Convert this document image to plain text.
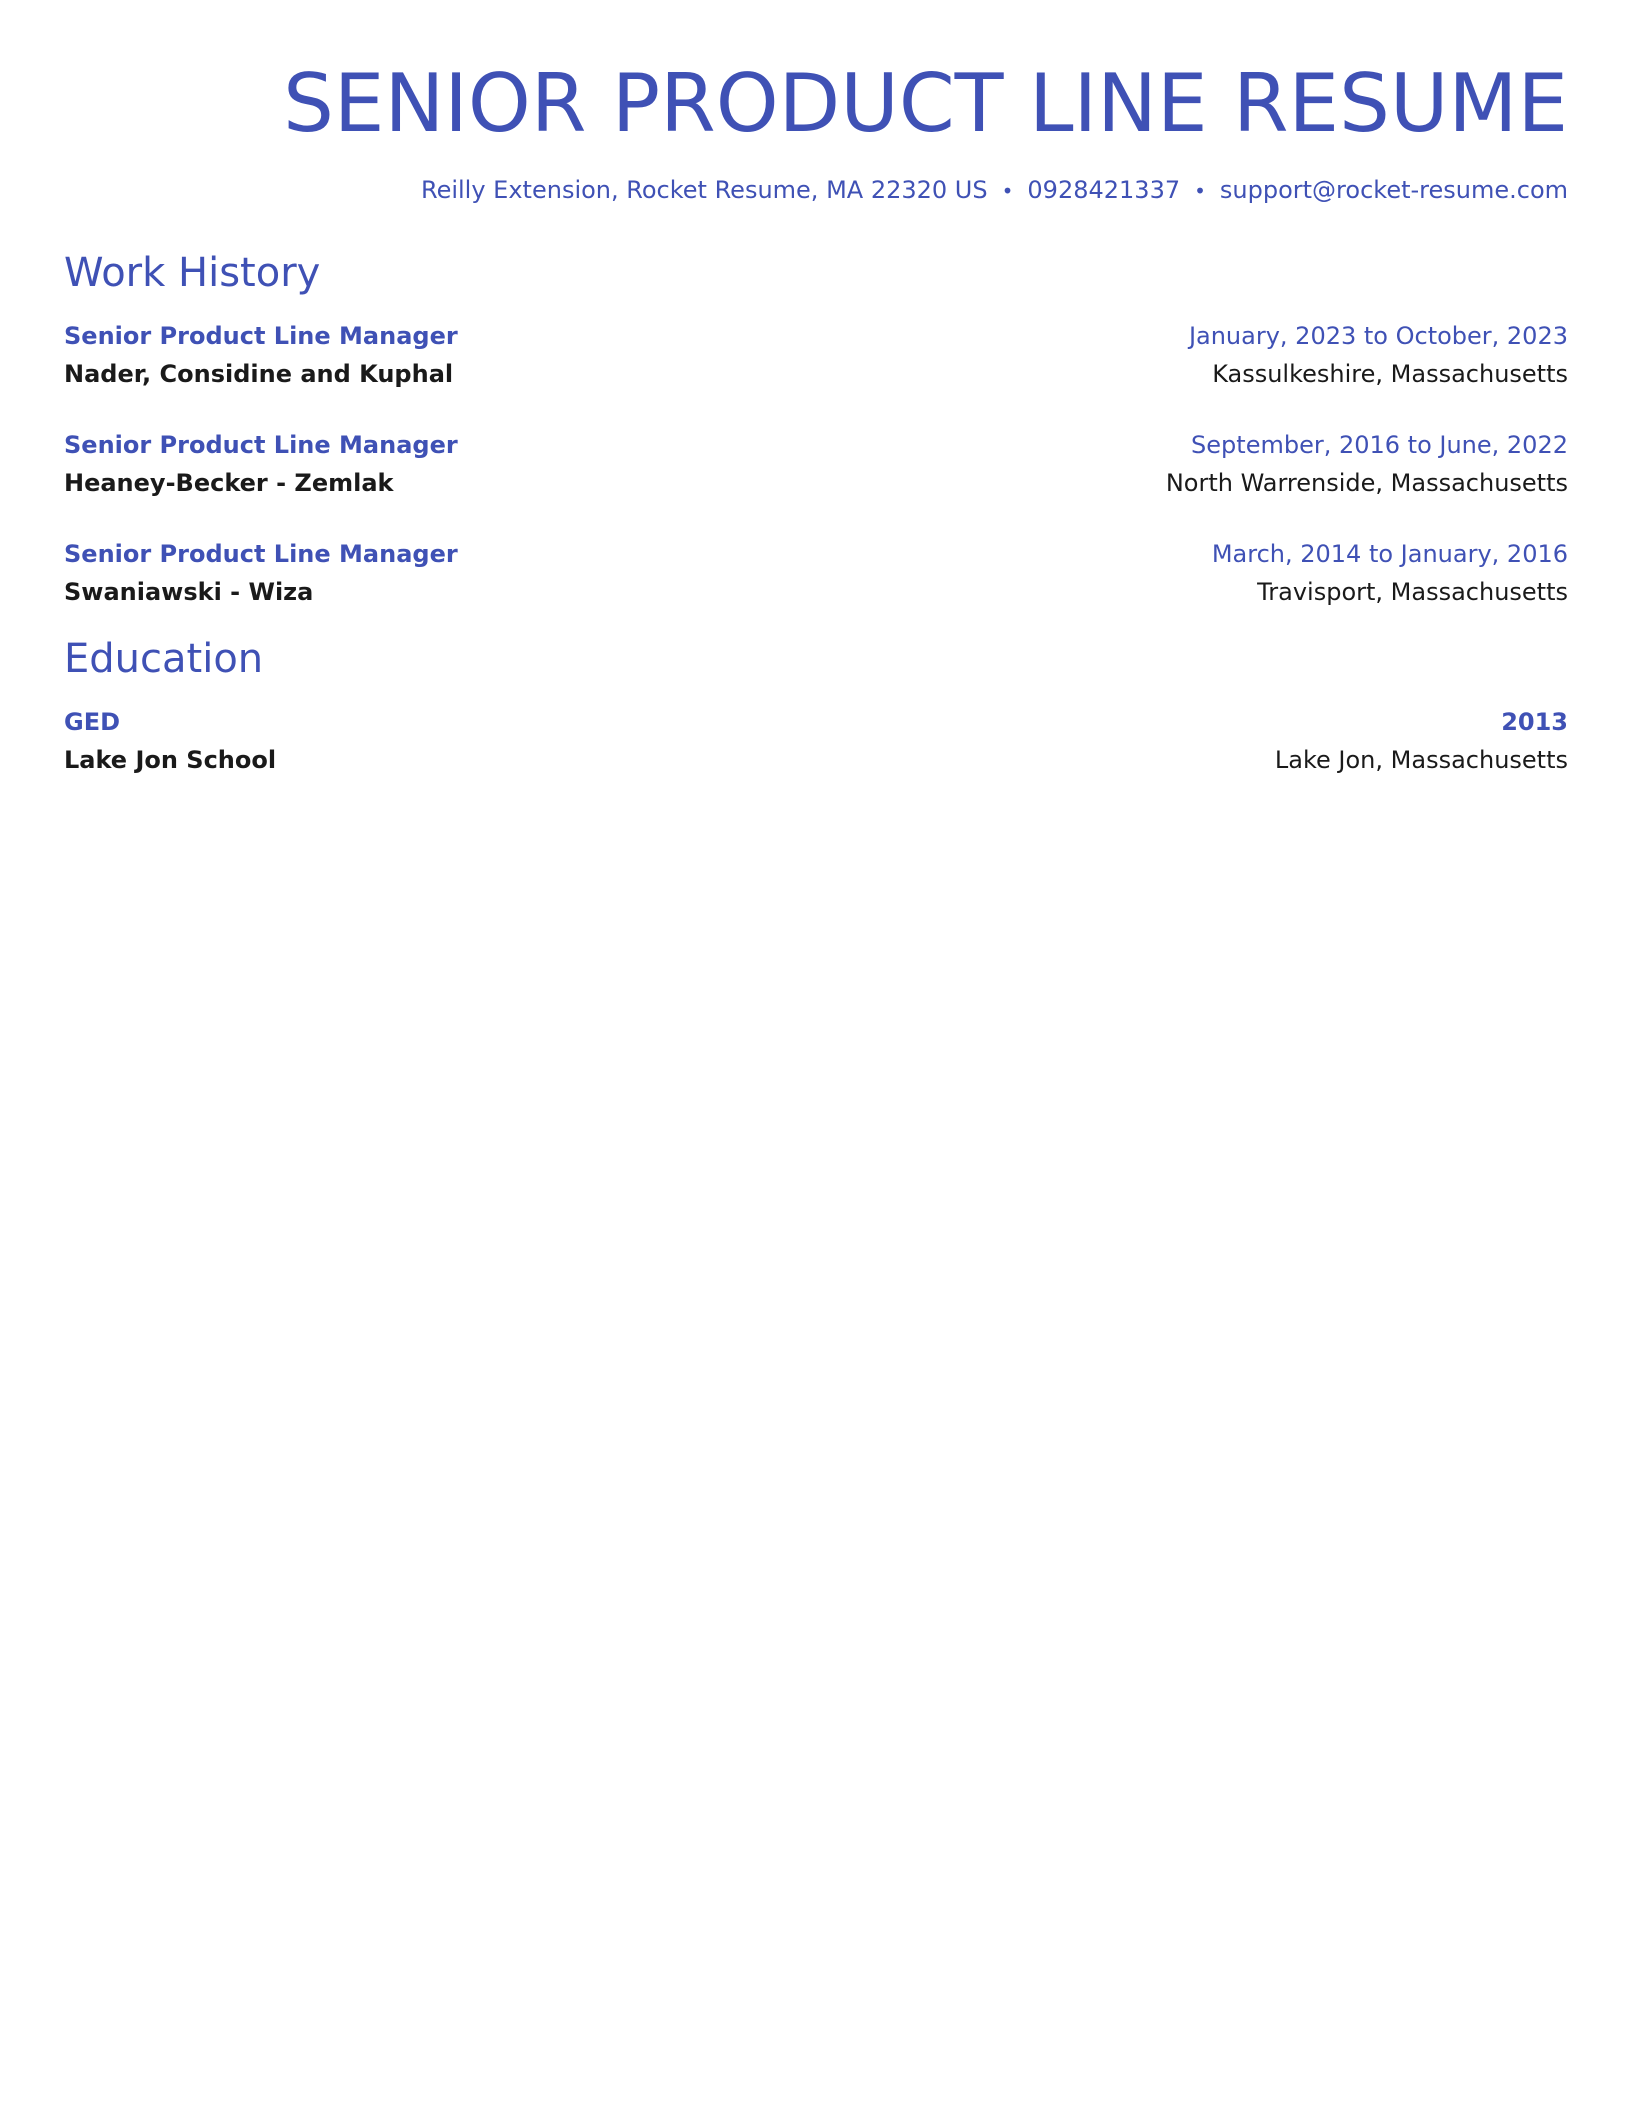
SENIOR PRODUCT LINE RESUME
Reilly Extension, Rocket Resume, MA 22320 US • 0928421337 • support@rocket-resume.com
Work History
Senior Product Line Manager	January, 2023 to October, 2023
Nader, Considine and Kuphal	Kassulkeshire, Massachusetts
Senior Product Line Manager	September, 2016 to June, 2022
Heaney-Becker - Zemlak	North Warrenside, Massachusetts
Senior Product Line Manager	March, 2014 to January, 2016
Swaniawski - Wiza	Travisport, Massachusetts
Education
GED	2013
Lake Jon School	Lake Jon, Massachusetts
